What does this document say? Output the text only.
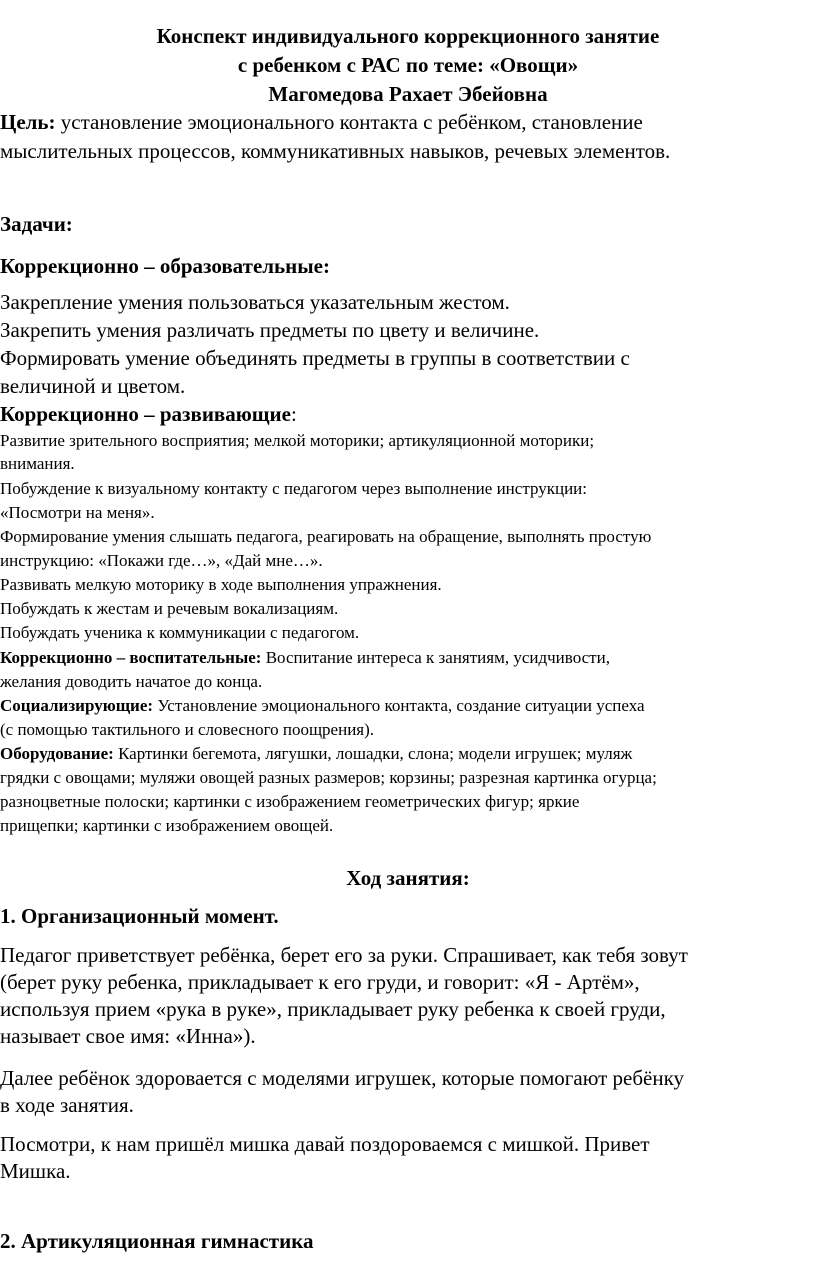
Конспект индивидуального коррекционного занятие
с ребенком с РАС по теме: «Овощи»
Магомедова Рахает Эбейовна
Цель: установление эмоционального контакта с ребёнком, становление
мыслительных процессов, коммуникативных навыков, речевых элементов.
Задачи:
Коррекционно – образовательные:
Закрепление умения пользоваться указательным жестом.
Закрепить умения различать предметы по цвету и величине.
Формировать умение объединять предметы в группы в соответствии с
величиной и цветом.
Коррекционно – развивающие:
Развитие зрительного восприятия; мелкой моторики; артикуляционной моторики;
внимания.
Побуждение к визуальному контакту с педагогом через выполнение инструкции:
«Посмотри на меня».
Формирование умения слышать педагога, реагировать на обращение, выполнять простую
инструкцию: «Покажи где…», «Дай мне…».
Развивать мелкую моторику в ходе выполнения упражнения.
Побуждать к жестам и речевым вокализациям.
Побуждать ученика к коммуникации с педагогом.
Коррекционно – воспитательные: Воспитание интереса к занятиям, усидчивости,
желания доводить начатое до конца.
Социализирующие: Установление эмоционального контакта, создание ситуации успеха
(с помощью тактильного и словесного поощрения).
Оборудование: Картинки бегемота, лягушки, лошадки, слона; модели игрушек; муляж
грядки с овощами; муляжи овощей разных размеров; корзины; разрезная картинка огурца;
разноцветные полоски; картинки с изображением геометрических фигур; яркие
прищепки; картинки с изображением овощей.
Ход занятия:
1. Организационный момент.
Педагог приветствует ребёнка, берет его за руки. Спрашивает, как тебя зовут
(берет руку ребенка, прикладывает к его груди, и говорит: «Я - Артём»,
используя прием «рука в руке», прикладывает руку ребенка к своей груди,
называет свое имя: «Инна»).
Далее ребёнок здоровается с моделями игрушек, которые помогают ребёнку
в ходе занятия.
Посмотри, к нам пришёл мишка давай поздороваемся с мишкой. Привет
Мишка.
2. Артикуляционная гимнастика
